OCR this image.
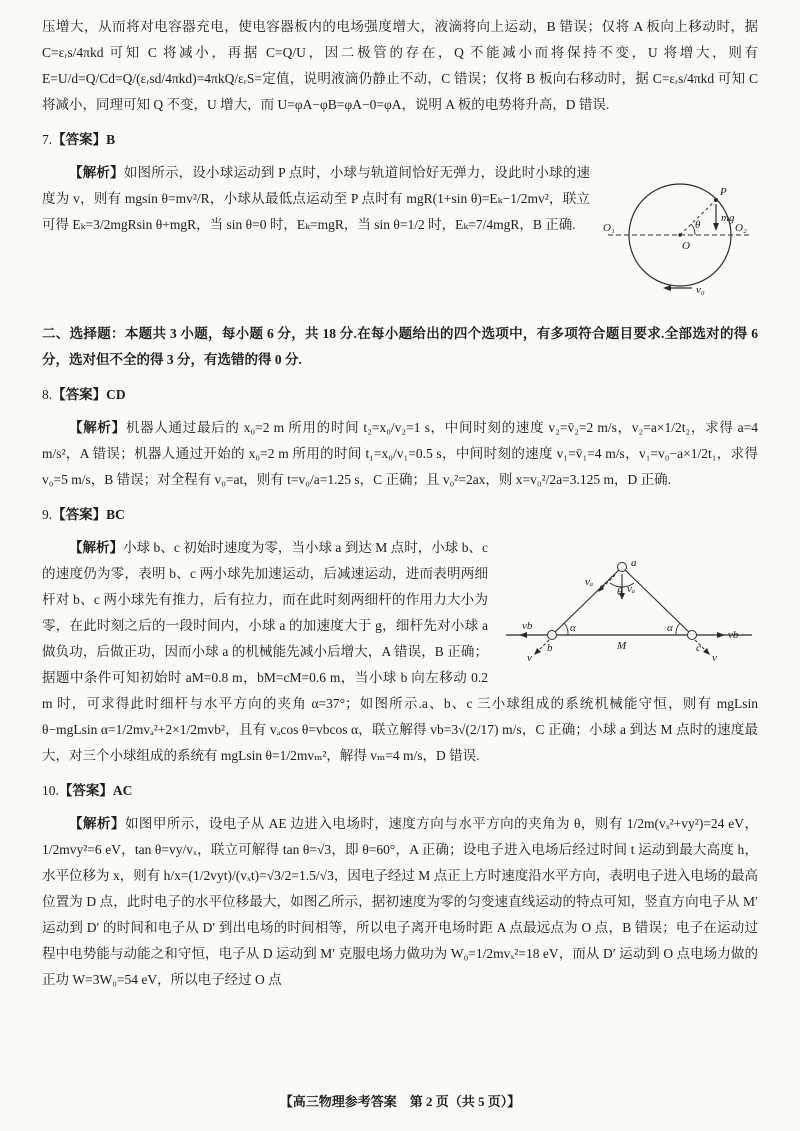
压增大，从而将对电容器充电，使电容器板内的电场强度增大，液滴将向上运动，B 错误；仅将 A 板向上移动时，据 C=εᵣs/4πkd 可知 C 将减小，再据 C=Q/U，因二极管的存在，Q 不能减小而将保持不变，U 将增大，则有 E=U/d=Q/Cd=Q/(εᵣsd/4πkd)=4πkQ/εᵣS=定值，说明液滴仍静止不动，C 错误；仅将 B 板向右移动时，据 C=εᵣs/4πkd 可知 C 将减小，同理可知 Q 不变，U 增大，而 U=φA−φB=φA−0=φA，说明 A 板的电势将升高，D 错误.

7.【答案】B
P
O₁	O₂
O
θ
mg
v₀
【解析】如图所示，设小球运动到 P 点时，小球与轨道间恰好无弹力，设此时小球的速度为 v，则有 mgsin θ=mv²/R，小球从最低点运动至 P 点时有 mgR(1+sin θ)=Eₖ−1/2mv²，联立可得 Eₖ=3/2mgRsin θ+mgR，当 sin θ=0 时，Eₖ=mgR，当 sin θ=1/2 时，Eₖ=7/4mgR，B 正确.

二、选择题：本题共 3 小题，每小题 6 分，共 18 分.在每小题给出的四个选项中，有多项符合题目要求.全部选对的得 6 分，选对但不全的得 3 分，有选错的得 0 分.

8.【答案】CD
【解析】机器人通过最后的 x₀=2 m 所用的时间 t₂=x₀/v₂=1 s，中间时刻的速度 v₂=v̄₂=2 m/s，v₂=a×1/2t₂，求得 a=4 m/s²，A 错误；机器人通过开始的 x₀=2 m 所用的时间 t₁=x₀/v₁=0.5 s，中间时刻的速度 v₁=v̄₁=4 m/s，v₁=v₀−a×1/2t₁，求得 v₀=5 m/s，B 错误；对全程有 v₀=at，则有 t=v₀/a=1.25 s，C 正确；且 v₀²=2ax，则 x=v₀²/2a=3.125 m，D 正确.
9.【答案】BC
a
b	c
M
θ
α	α
vₐ
vₐ
vb
v
vb
v
【解析】小球 b、c 初始时速度为零，当小球 a 到达 M 点时，小球 b、c 的速度仍为零，表明 b、c 两小球先加速运动，后减速运动，进而表明两细杆对 b、c 两小球先有推力，后有拉力，而在此时刻两细杆的作用力大小为零，在此时刻之后的一段时间内，小球 a 的加速度大于 g，细杆先对小球 a 做负功，后做正功，因而小球 a 的机械能先减小后增大，A 错误，B 正确；据题中条件可知初始时 aM=0.8 m，bM=cM=0.6 m，当小球 b 向左移动 0.2 m 时，可求得此时细杆与水平方向的夹角 α=37°；如图所示.a、b、c 三小球组成的系统机械能守恒，则有 mgLsin θ−mgLsin α=1/2mvₐ²+2×1/2mvb²，且有 vₐcos θ=vbcos α，联立解得 vb=3√(2/17) m/s，C 正确；小球 a 到达 M 点时的速度最大，对三个小球组成的系统有 mgLsin θ=1/2mvₘ²，解得 vₘ=4 m/s，D 错误.
10.【答案】AC
【解析】如图甲所示，设电子从 AE 边进入电场时，速度方向与水平方向的夹角为 θ，则有 1/2m(vₓ²+vy²)=24 eV，1/2mvy²=6 eV，tan θ=vy/vₓ，联立可解得 tan θ=√3，即 θ=60°，A 正确；设电子进入电场后经过时间 t 运动到最大高度 h，水平位移为 x，则有 h/x=(1/2vyt)/(vₓt)=√3/2=1.5/√3，因电子经过 M 点正上方时速度沿水平方向，表明电子进入电场的最高位置为 D 点，此时电子的水平位移最大，如图乙所示，据初速度为零的匀变速直线运动的特点可知，竖直方向电子从 M′ 运动到 D′ 的时间和电子从 D′ 到出电场的时间相等，所以电子离开电场时距 A 点最远点为 O 点，B 错误；电子在运动过程中电势能与动能之和守恒，电子从 D 运动到 M′ 克服电场力做功为 W₀=1/2mvₓ²=18 eV，而从 D′ 运动到 O 点电场力做的正功 W=3W₀=54 eV，所以电子经过 O 点
【高三物理参考答案　第 2 页（共 5 页）】
